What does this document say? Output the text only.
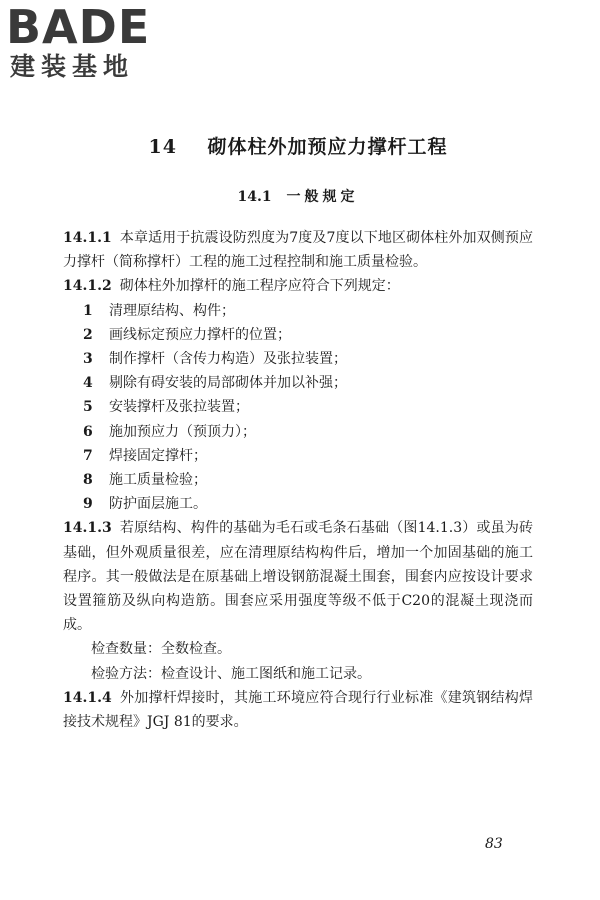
BADE
建装基地
14 砌体柱外加预应力撑杆工程
14.1 一般规定

14.1.1 本章适用于抗震设防烈度为7度及7度以下地区砌体柱外加双侧预应力撑杆（简称撑杆）工程的施工过程控制和施工质量检验。

14.1.2 砌体柱外加撑杆的施工程序应符合下列规定：

1 清理原结构、构件；

2 画线标定预应力撑杆的位置；

3 制作撑杆（含传力构造）及张拉装置；

4 剔除有碍安装的局部砌体并加以补强；

5 安装撑杆及张拉装置；

6 施加预应力（预顶力）；

7 焊接固定撑杆；

8 施工质量检验；

9 防护面层施工。

14.1.3 若原结构、构件的基础为毛石或毛条石基础（图14.1.3）或虽为砖基础，但外观质量很差，应在清理原结构构件后，增加一个加固基础的施工程序。其一般做法是在原基础上增设钢筋混凝土围套，围套内应按设计要求设置箍筋及纵向构造筋。围套应采用强度等级不低于C20的混凝土现浇而成。

检查数量：全数检查。

检验方法：检查设计、施工图纸和施工记录。

14.1.4 外加撑杆焊接时，其施工环境应符合现行行业标准《建筑钢结构焊接技术规程》JGJ 81的要求。

83
